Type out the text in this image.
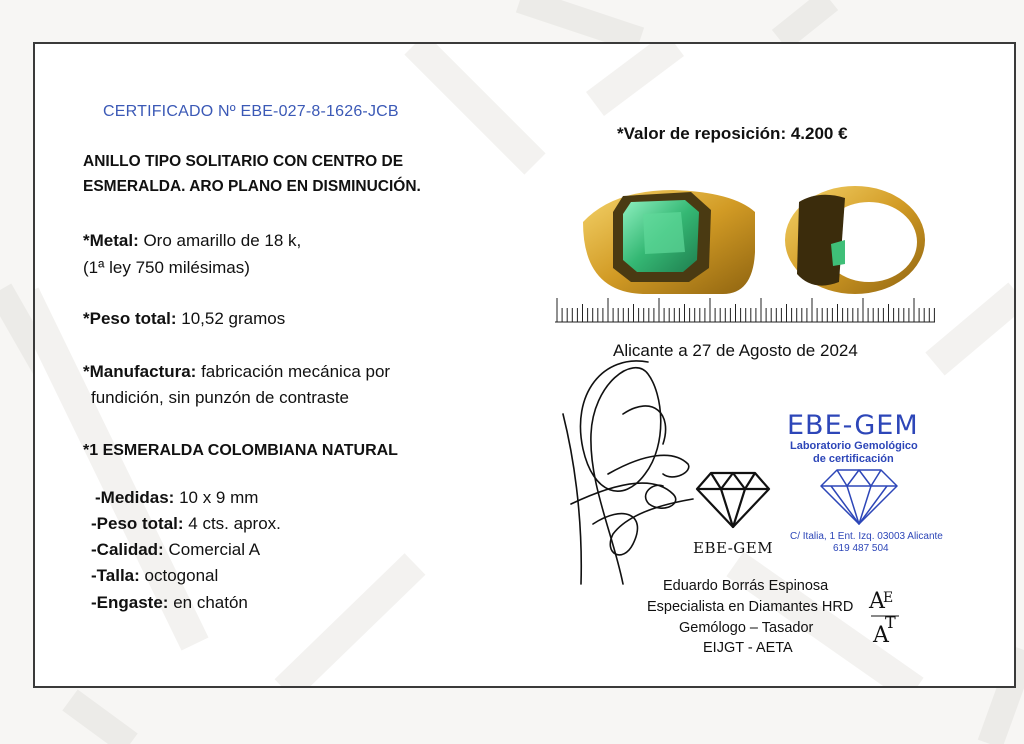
CERTIFICADO Nº EBE-027-8-1626-JCB
ANILLO TIPO SOLITARIO CON CENTRO DE
ESMERALDA. ARO PLANO EN DISMINUCIÓN.
*Metal: Oro amarillo de 18 k,
(1ª ley 750 milésimas)
*Peso total: 10,52 gramos
*Manufactura: fabricación mecánica por
fundición, sin punzón de contraste
*1 ESMERALDA COLOMBIANA NATURAL
-Medidas: 10 x 9 mm
-Peso total: 4 cts. aprox.
-Calidad: Comercial A
-Talla: octogonal
-Engaste: en chatón
*Valor de reposición: 4.200 €
Alicante a 27 de Agosto de 2024
EBE-GEM
EBE-GEM
Laboratorio Gemológico
de certificación
C/ Italia, 1 Ent. Izq. 03003 Alicante
619 487 504
Eduardo Borrás Espinosa
Especialista en Diamantes HRD
Gemólogo – Tasador
EIJGT - AETA
A
E
A
T
